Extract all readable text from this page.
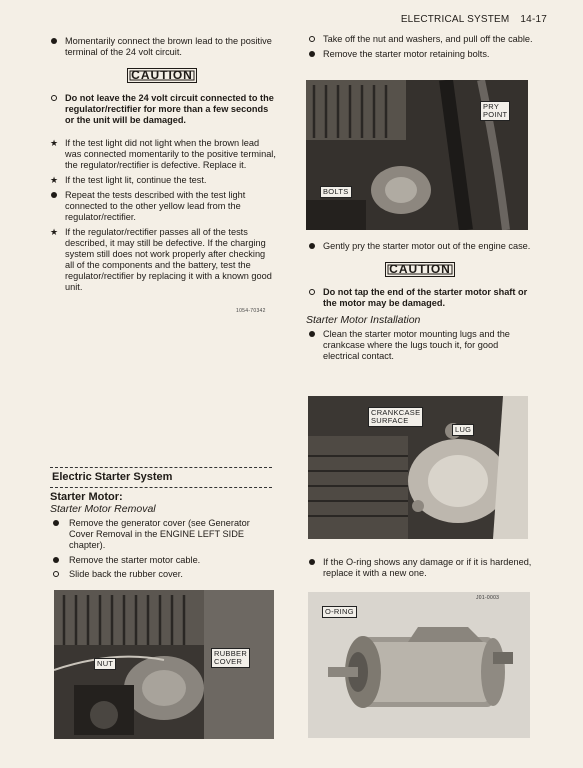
ELECTRICAL SYSTEM 14-17
Momentarily connect the brown lead to the positive terminal of the 24 volt circuit.
CAUTION
Do not leave the 24 volt circuit connected to the regulator/rectifier for more than a few seconds or the unit will be damaged.
★ If the test light did not light when the brown lead was connected momentarily to the positive terminal, the regulator/rectifier is defective. Replace it.
★ If the test light lit, continue the test.
Repeat the tests described with the test light connected to the other yellow lead from the regulator/rectifier.
★ If the regulator/rectifier passes all of the tests described, it may still be defective. If the charging system still does not work properly after checking all of the components and the battery, test the regulator/rectifier by replacing it with a known good unit.
1054-70342
Electric Starter System
Starter Motor:
Starter Motor Removal
Remove the generator cover (see Generator Cover Removal in the ENGINE LEFT SIDE chapter).
Remove the starter motor cable.
Slide back the rubber cover.
NUT
RUBBER
COVER
Take off the nut and washers, and pull off the cable.
Remove the starter motor retaining bolts.
PRY
POINT
BOLTS
Gently pry the starter motor out of the engine case.
CAUTION
Do not tap the end of the starter motor shaft or the motor may be damaged.
Starter Motor Installation
Clean the starter motor mounting lugs and the crankcase where the lugs touch it, for good electrical contact.
CRANKCASE
SURFACE
LUG
If the O-ring shows any damage or if it is hardened, replace it with a new one.
O-RING
J01-0003
